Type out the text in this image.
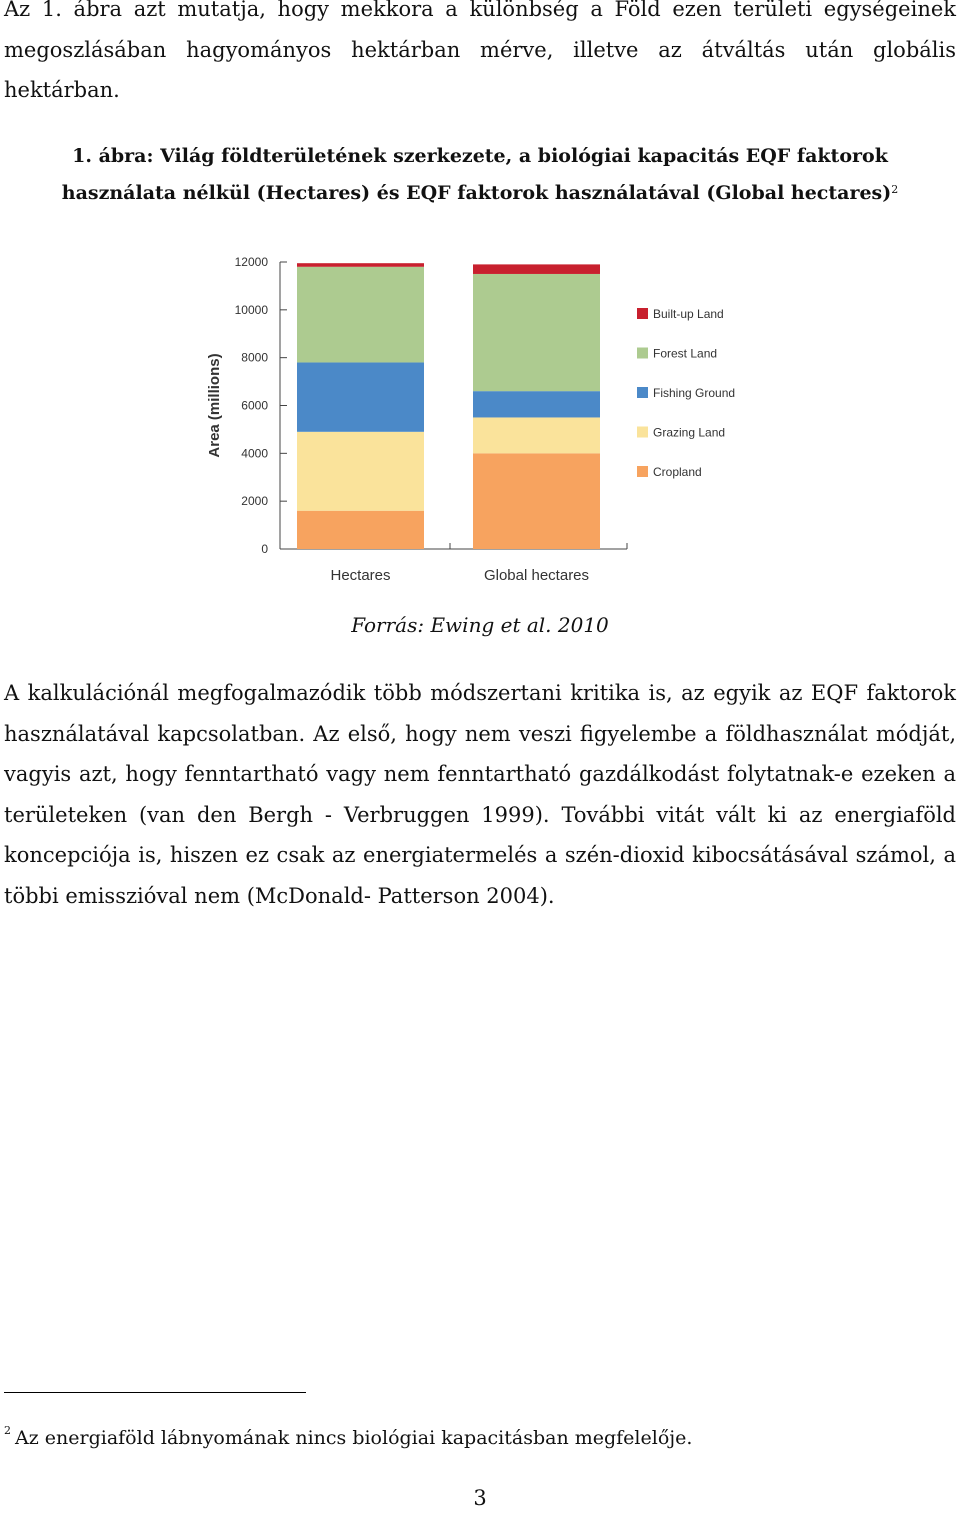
Az 1. ábra azt mutatja, hogy mekkora a különbség a Föld ezen területi egységeinek megoszlásában hagyományos hektárban mérve, illetve az átváltás után globális hektárban.

1. ábra: Világ földterületének szerkezete, a biológiai kapacitás EQF faktorok használata nélkül (Hectares) és EQF faktorok használatával (Global hectares)$^2$

0
2000
4000
6000
8000
10000
12000
Area (millions)
Hectares	Global hectares
Built-up Land
Forest Land
Fishing Ground
Grazing Land
Cropland

Forrás: Ewing et al. 2010

A kalkulációnál megfogalmazódik több módszertani kritika is, az egyik az EQF faktorok használatával kapcsolatban. Az első, hogy nem veszi figyelembe a földhasználat módját, vagyis azt, hogy fenntartható vagy nem fenntartható gazdálkodást folytatnak-e ezeken a területeken (van den Bergh - Verbruggen 1999). További vitát vált ki az energiaföld koncepciója is, hiszen ez csak az energiatermelés a szén-dioxid kibocsátásával számol, a többi emisszióval nem (McDonald- Patterson 2004).

$^2$ Az energiaföld lábnyomának nincs biológiai kapacitásban megfelelője.

3
